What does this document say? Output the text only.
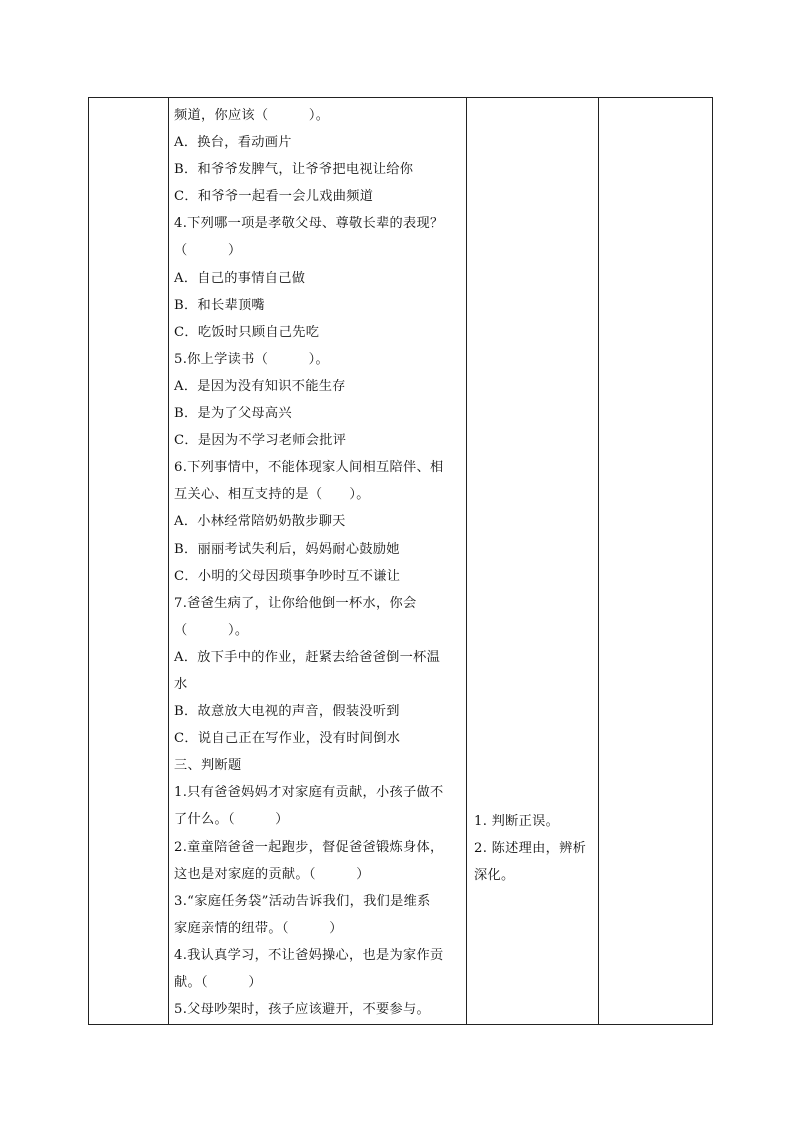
频道，你应该（　　　）。
A．换台，看动画片
B．和爷爷发脾气，让爷爷把电视让给你
C．和爷爷一起看一会儿戏曲频道
4.下列哪一项是孝敬父母、尊敬长辈的表现？
（　　　）
A．自己的事情自己做
B．和长辈顶嘴
C．吃饭时只顾自己先吃
5.你上学读书（　　　）。
A．是因为没有知识不能生存
B．是为了父母高兴
C．是因为不学习老师会批评
6.下列事情中，不能体现家人间相互陪伴、相
互关心、相互支持的是（　　）。
A．小林经常陪奶奶散步聊天
B．丽丽考试失利后，妈妈耐心鼓励她
C．小明的父母因琐事争吵时互不谦让
7.爸爸生病了，让你给他倒一杯水，你会
（　　　）。
A．放下手中的作业，赶紧去给爸爸倒一杯温
水
B．故意放大电视的声音，假装没听到
C．说自己正在写作业，没有时间倒水
三、判断题
1.只有爸爸妈妈才对家庭有贡献，小孩子做不
了什么。（　　　）
2.童童陪爸爸一起跑步，督促爸爸锻炼身体，
这也是对家庭的贡献。（　　　）
3.“家庭任务袋”活动告诉我们，我们是维系
家庭亲情的纽带。（　　　）
4.我认真学习，不让爸妈操心，也是为家作贡
献。（　　　）
5.父母吵架时，孩子应该避开，不要参与。

1. 判断正误。
2. 陈述理由，辨析
深化。
